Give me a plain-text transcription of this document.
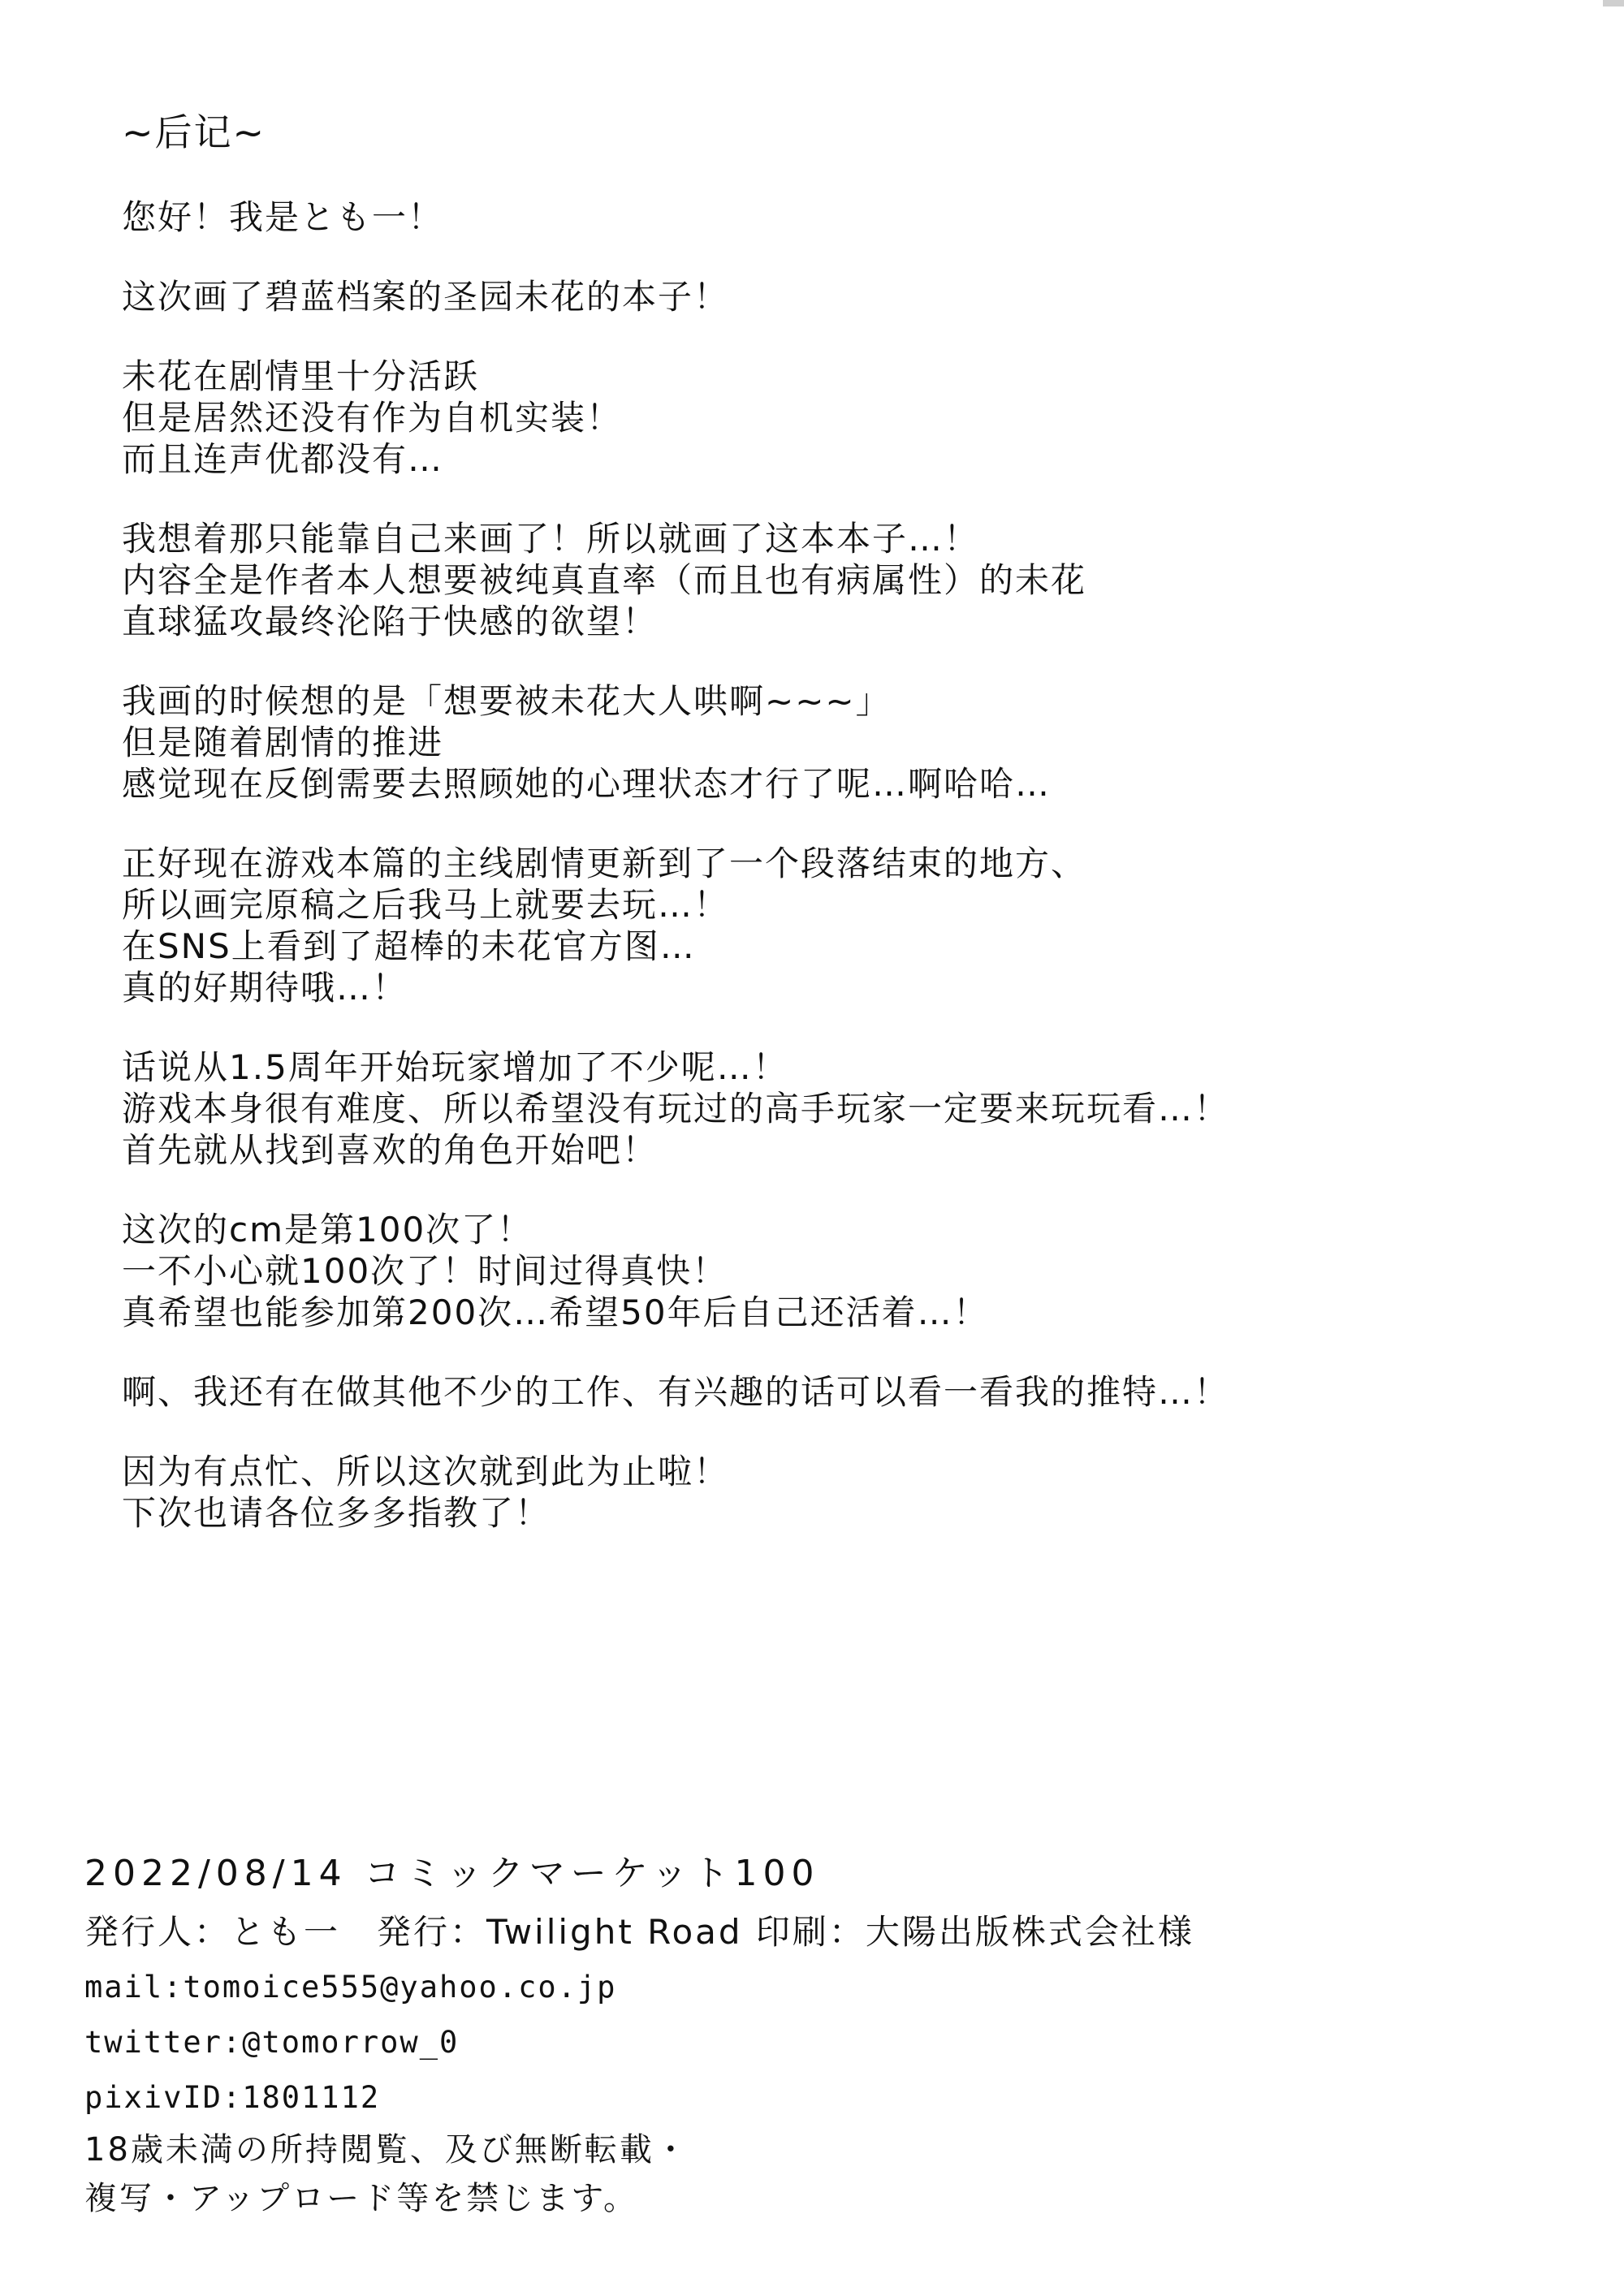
~后记~
您好！我是とも一！
这次画了碧蓝档案的圣园未花的本子！
未花在剧情里十分活跃
但是居然还没有作为自机实装！
而且连声优都没有…
我想着那只能靠自己来画了！所以就画了这本本子…！
内容全是作者本人想要被纯真直率（而且也有病属性）的未花
直球猛攻最终沦陷于快感的欲望！
我画的时候想的是「想要被未花大人哄啊~~~」
但是随着剧情的推进
感觉现在反倒需要去照顾她的心理状态才行了呢…啊哈哈…
正好现在游戏本篇的主线剧情更新到了一个段落结束的地方、
所以画完原稿之后我马上就要去玩…！
在SNS上看到了超棒的未花官方图…
真的好期待哦…！
话说从1.5周年开始玩家增加了不少呢…！
游戏本身很有难度、所以希望没有玩过的高手玩家一定要来玩玩看…！
首先就从找到喜欢的角色开始吧！
这次的cm是第100次了！
一不小心就100次了！时间过得真快！
真希望也能参加第200次…希望50年后自己还活着…！
啊、我还有在做其他不少的工作、有兴趣的话可以看一看我的推特…！
因为有点忙、所以这次就到此为止啦！
下次也请各位多多指教了！
2022/08/14 コミックマーケット100
発行人：とも一　発行：Twilight Road 印刷：大陽出版株式会社様
mail:tomoice555@yahoo.co.jp
twitter:@tomorrow_0
pixivID:1801112
18歳未満の所持閲覧、及び無断転載・
複写・アップロード等を禁じます。
